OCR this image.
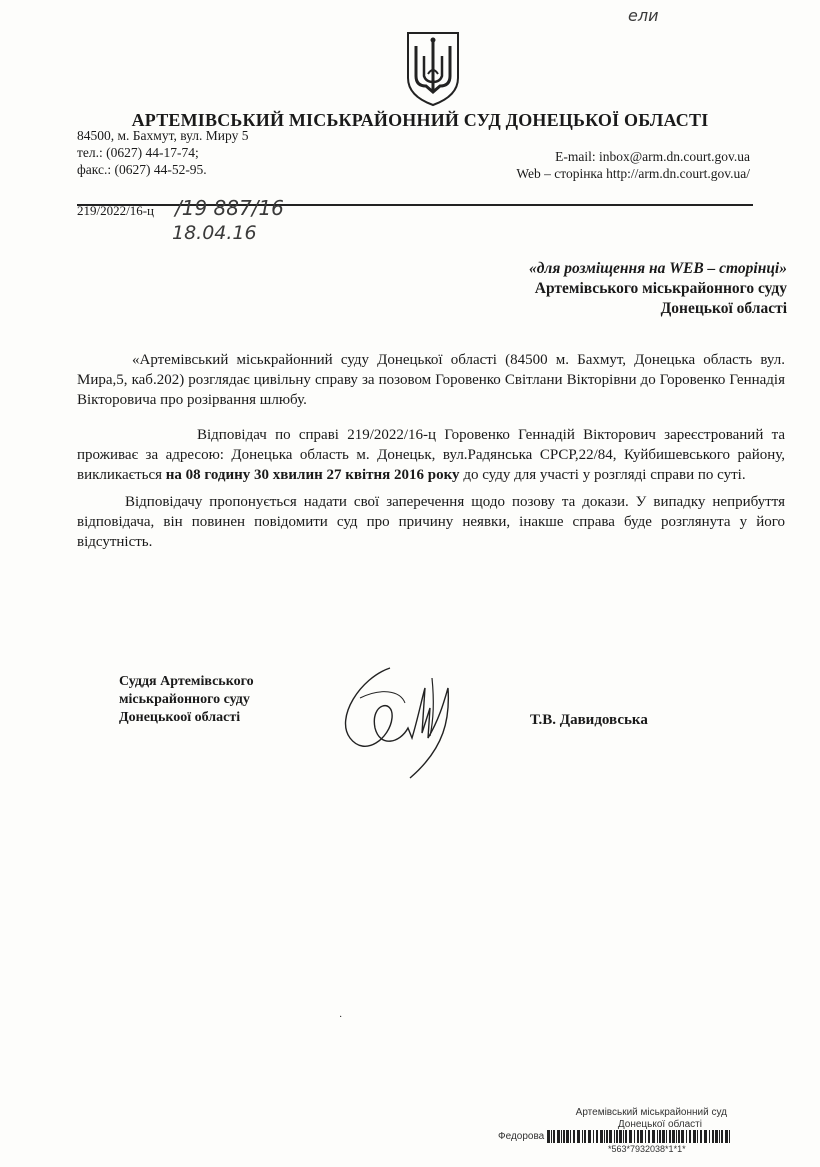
ели
АРТЕМІВСЬКИЙ МІСЬКРАЙОННИЙ СУД ДОНЕЦЬКОЇ ОБЛАСТІ
84500, м. Бахмут, вул. Миру 5
тел.: (0627) 44-17-74;
факс.: (0627) 44-52-95.
E-mail: inbox@arm.dn.court.gov.ua
Web – сторінка http://arm.dn.court.gov.ua/
219/2022/16-ц /19 887/16
18.04.16
«для розміщення на WEB – сторінці»
Артемівського міськрайонного суду
Донецької області
«Артемівський міськрайонний суду Донецької області (84500 м. Бахмут, Донецька область вул. Мира,5, каб.202) розглядає цивільну справу за позовом Горовенко Світлани Вікторівни до Горовенко Геннадія Вікторовича про розірвання шлюбу.
Відповідач по справі 219/2022/16-ц Горовенко Геннадій Вікторович зареєстрований та проживає за адресою: Донецька область м. Донецьк, вул.Радянська СРСР,22/84, Куйбишевського району, викликається на 08 годину 30 хвилин 27 квітня 2016 року до суду для участі у розгляді справи по суті.
Відповідачу пропонується надати свої заперечення щодо позову та докази. У випадку неприбуття відповідача, він повинен повідомити суд про причину неявки, інакше справа буде розглянута у його відсутність.
Суддя Артемівського
міськрайонного суду
Донецькоої області	Т.В. Давидовська
·
Артемівський міськрайонний суд
Донецької області
Федорова
*563*7932038*1*1*
